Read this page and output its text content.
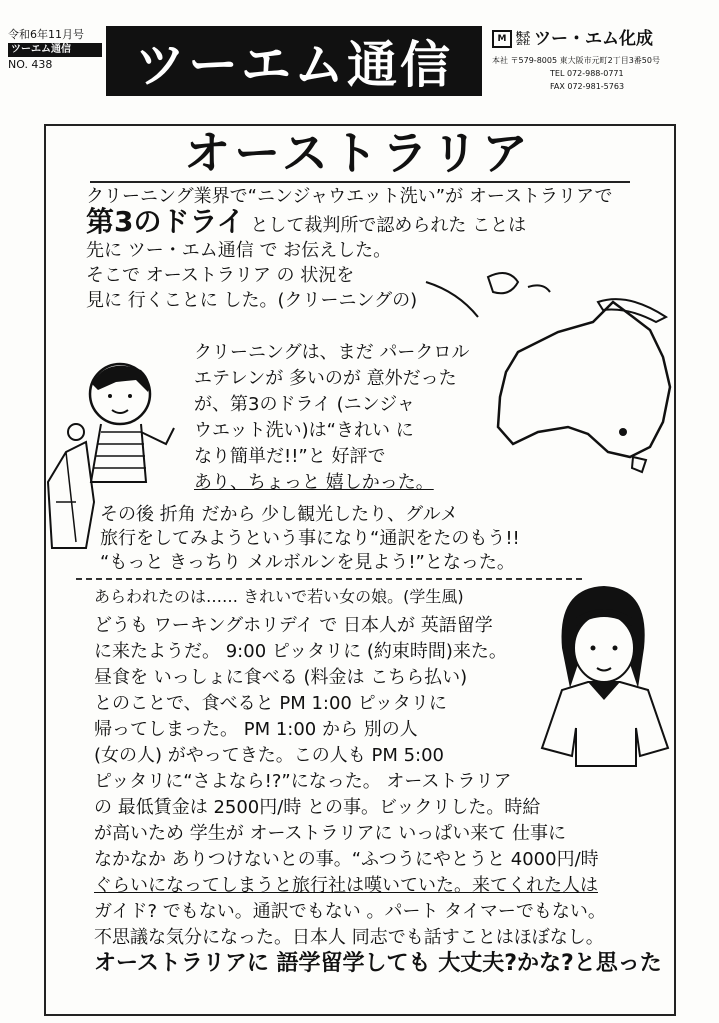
令和6年11月号
ツーエム通信
NO. 438	ツーエム通信	M	株式会社 ツー・エム化成
本社 〒579-8005 東大阪市元町2丁目3番50号
TEL 072-988-0771
FAX 072-981-5763
オーストラリア
クリーニング業界で“ニンジャウエット洗い”が オーストラリアで
第3のドライ として裁判所で認められた ことは
先に ツー・エム通信 で お伝えした。
そこで オーストラリア の 状況を
見に 行くことに した。(クリーニングの)
クリーニングは、まだ パークロル
エテレンが 多いのが 意外だった
が、第3のドライ (ニンジャ
ウエット洗い)は“きれい に
なり簡単だ!!”と 好評で
あり、ちょっと 嬉しかった。
その後 折角 だから 少し観光したり、グルメ
旅行をしてみようという事になり“通訳をたのもう!!
“もっと きっちり メルボルンを見よう!”となった。
あらわれたのは…… きれいで若い女の娘。(学生風)
どうも ワーキングホリデイ で 日本人が 英語留学
に来たようだ。 9:00 ピッタリに (約束時間)来た。
昼食を いっしょに食べる (料金は こちら払い)
とのことで、食べると PM 1:00 ピッタリに
帰ってしまった。 PM 1:00 から 別の人
(女の人) がやってきた。この人も PM 5:00
ピッタリに“さよなら!?”になった。 オーストラリア
の 最低賃金は 2500円/時 との事。ビックリした。時給
が高いため 学生が オーストラリアに いっぱい来て 仕事に
なかなか ありつけないとの事。“ふつうにやとうと 4000円/時
ぐらいになってしまうと旅行社は嘆いていた。来てくれた人は
ガイド? でもない。通訳でもない 。パート タイマーでもない。
不思議な気分になった。日本人 同志でも話すことはほぼなし。
オーストラリアに 語学留学しても 大丈夫?かな?と思った
